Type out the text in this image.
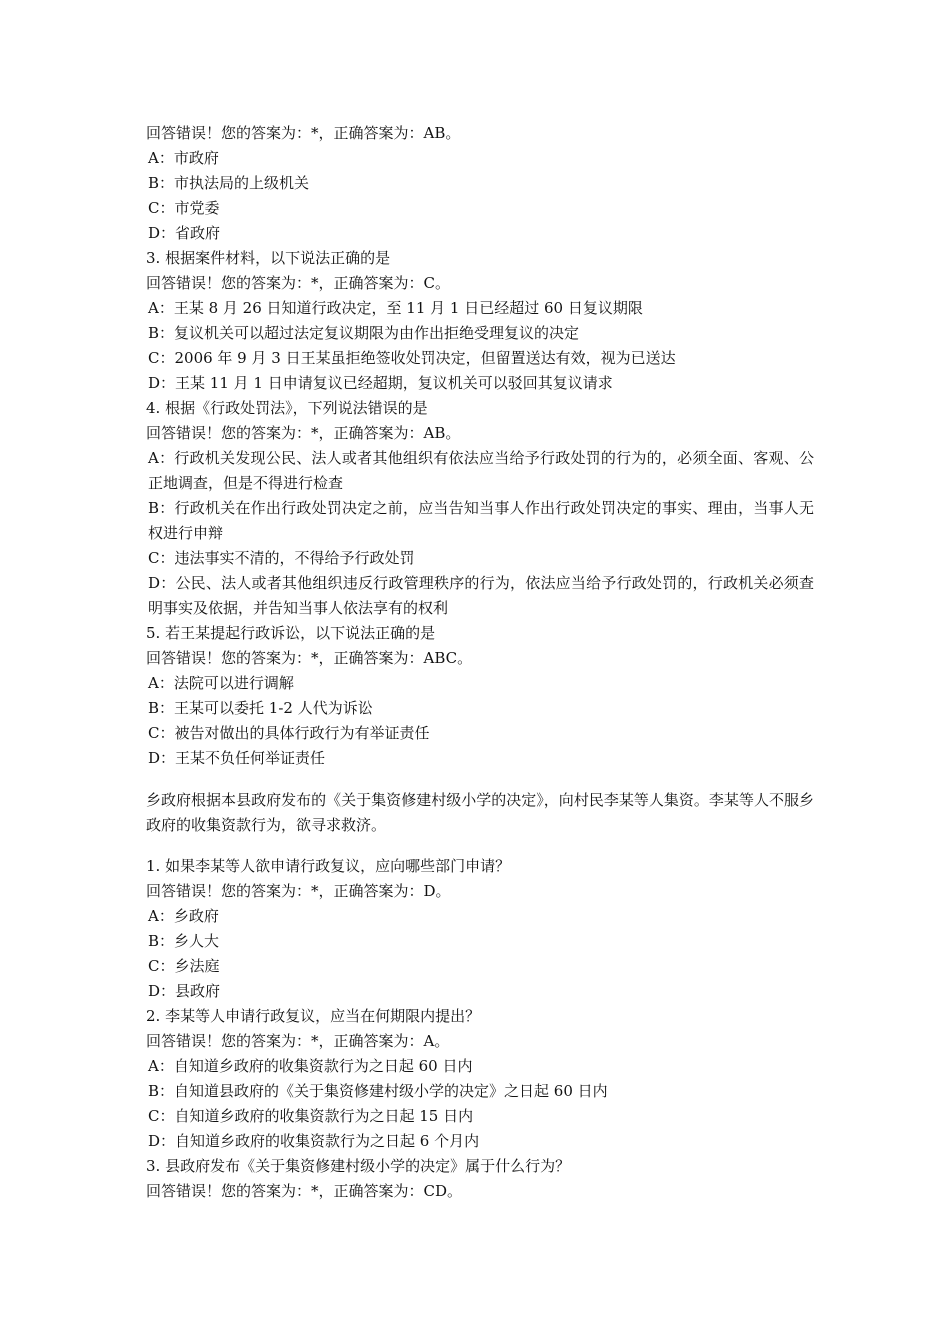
回答错误！您的答案为：*，正确答案为：AB。
A：市政府
B：市执法局的上级机关
C：市党委
D：省政府
3. 根据案件材料，以下说法正确的是
回答错误！您的答案为：*，正确答案为：C。
A：王某 8 月 26 日知道行政决定，至 11 月 1 日已经超过 60 日复议期限
B：复议机关可以超过法定复议期限为由作出拒绝受理复议的决定
C：2006 年 9 月 3 日王某虽拒绝签收处罚决定，但留置送达有效，视为已送达
D：王某 11 月 1 日申请复议已经超期，复议机关可以驳回其复议请求
4. 根据《行政处罚法》，下列说法错误的是
回答错误！您的答案为：*，正确答案为：AB。
A：行政机关发现公民、法人或者其他组织有依法应当给予行政处罚的行为的，必须全面、客观、公正地调查，但是不得进行检查
B：行政机关在作出行政处罚决定之前，应当告知当事人作出行政处罚决定的事实、理由，当事人无权进行申辩
C：违法事实不清的，不得给予行政处罚
D：公民、法人或者其他组织违反行政管理秩序的行为，依法应当给予行政处罚的，行政机关必须查明事实及依据，并告知当事人依法享有的权利
5. 若王某提起行政诉讼，以下说法正确的是
回答错误！您的答案为：*，正确答案为：ABC。
A：法院可以进行调解
B：王某可以委托 1-2 人代为诉讼
C：被告对做出的具体行政行为有举证责任
D：王某不负任何举证责任
乡政府根据本县政府发布的《关于集资修建村级小学的决定》，向村民李某等人集资。李某等人不服乡政府的收集资款行为，欲寻求救济。
1. 如果李某等人欲申请行政复议，应向哪些部门申请？
回答错误！您的答案为：*，正确答案为：D。
A：乡政府
B：乡人大
C：乡法庭
D：县政府
2. 李某等人申请行政复议，应当在何期限内提出？
回答错误！您的答案为：*，正确答案为：A。
A：自知道乡政府的收集资款行为之日起 60 日内
B：自知道县政府的《关于集资修建村级小学的决定》之日起 60 日内
C：自知道乡政府的收集资款行为之日起 15 日内
D：自知道乡政府的收集资款行为之日起 6 个月内
3. 县政府发布《关于集资修建村级小学的决定》属于什么行为？
回答错误！您的答案为：*，正确答案为：CD。
